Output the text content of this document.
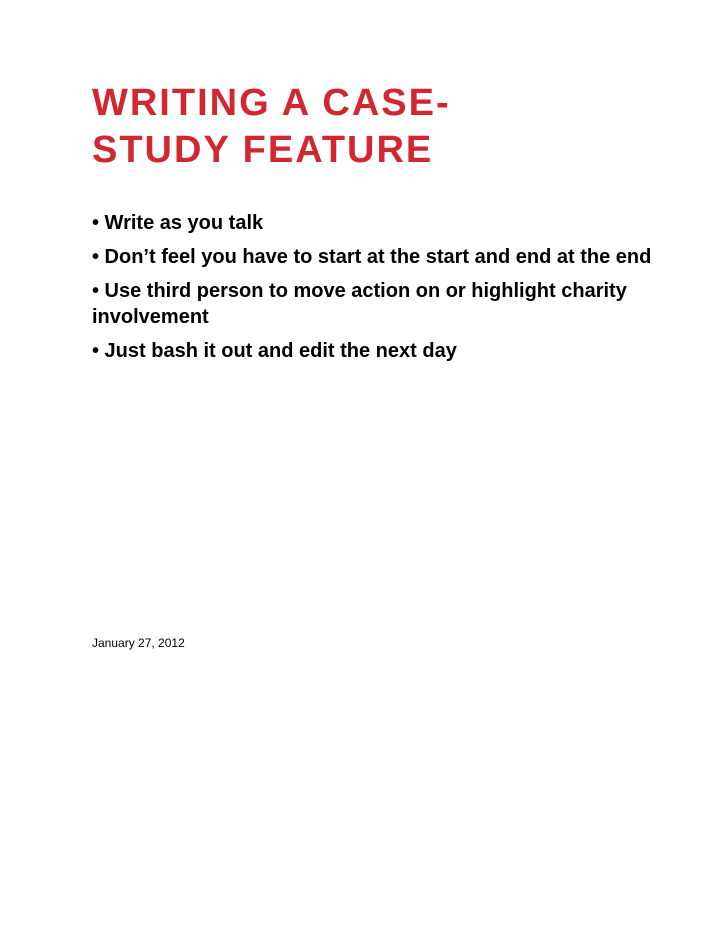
WRITING A CASE-
STUDY FEATURE
• Write as you talk
• Don’t feel you have to start at the start and end at the end
• Use third person to move action on or highlight charity
involvement
• Just bash it out and edit the next day

January 27, 2012
